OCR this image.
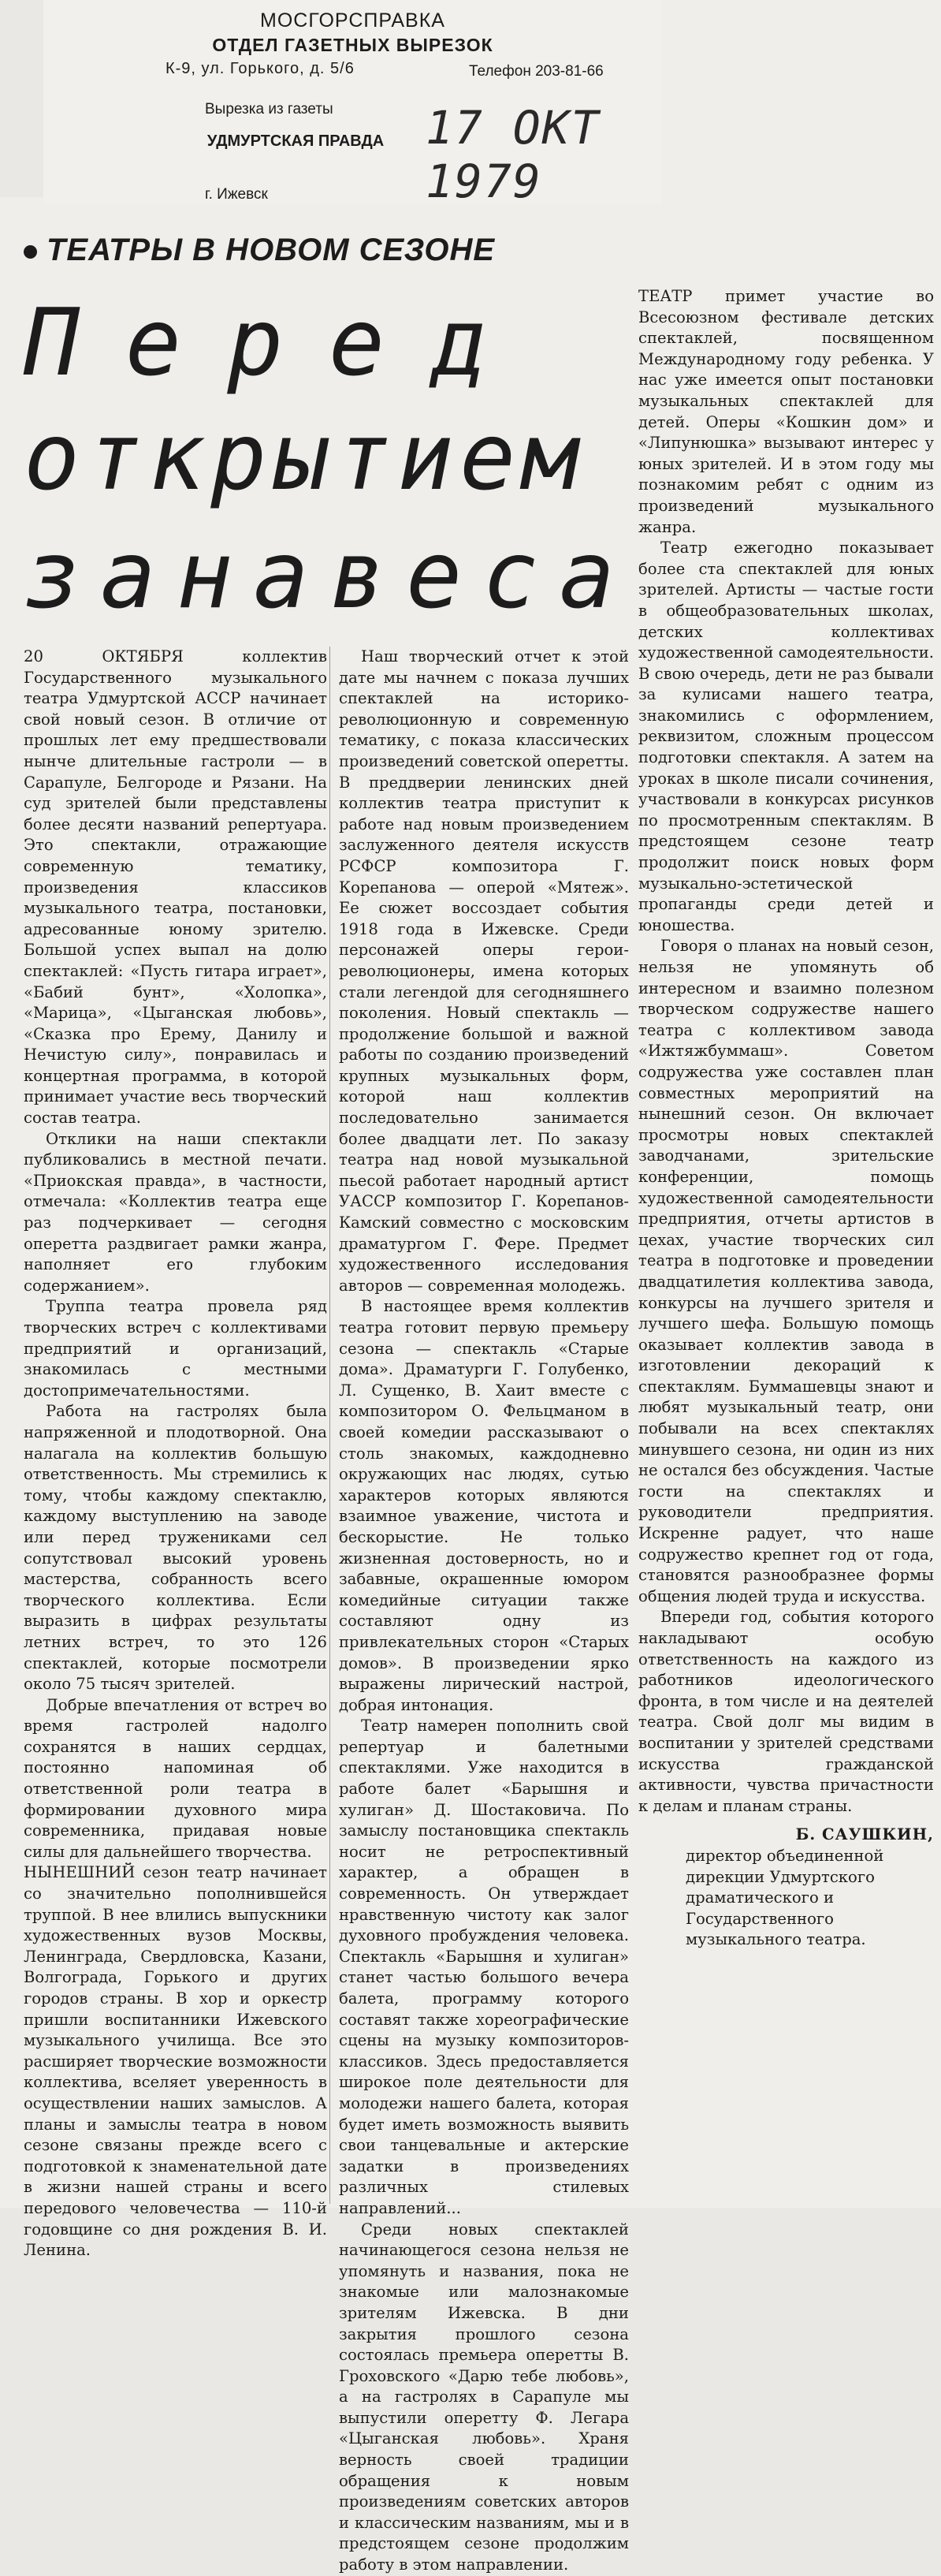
МОСГОРСПРАВКА
ОТДЕЛ ГАЗЕТНЫХ ВЫРЕЗОК
К-9, ул. Горького, д. 5/6	Телефон 203-81-66
Вырезка из газеты
УДМУРТСКАЯ ПРАВДА 17 ОКТ 1979
г. Ижевск
ТЕАТРЫ В НОВОМ СЕЗОНЕ
Перед
открытием
занавеса

20 ОКТЯБРЯ коллектив Государственного музыкального театра Удмуртской АССР начинает свой новый сезон. В отличие от прошлых лет ему предшествовали нынче длительные гастроли — в Сарапуле, Белгороде и Рязани. На суд зрителей были представлены более десяти названий репертуара. Это спектакли, отражающие современную тематику, произведения классиков музыкального театра, постановки, адресованные юному зрителю. Большой успех выпал на долю спектаклей: «Пусть гитара играет», «Бабий бунт», «Холопка», «Марица», «Цыганская любовь», «Сказка про Ерему, Данилу и Нечистую силу», понравилась и концертная программа, в которой принимает участие весь творческий состав театра.

Отклики на наши спектакли публиковались в местной печати. «Приокская правда», в частности, отмечала: «Коллектив театра еще раз подчеркивает — сегодня оперетта раздвигает рамки жанра, наполняет его глубоким содержанием».

Труппа театра провела ряд творческих встреч с коллективами предприятий и организаций, знакомилась с местными достопримечательностями.

Работа на гастролях была напряженной и плодотворной. Она налагала на коллектив большую ответственность. Мы стремились к тому, чтобы каждому спектаклю, каждому выступлению на заводе или перед тружениками сел сопутствовал высокий уровень мастерства, собранность всего творческого коллектива. Если выразить в цифрах результаты летних встреч, то это 126 спектаклей, которые посмотрели около 75 тысяч зрителей.

Добрые впечатления от встреч во время гастролей надолго сохранятся в наших сердцах, постоянно напоминая об ответственной роли театра в формировании духовного мира современника, придавая новые силы для дальнейшего творчества.

НЫНЕШНИЙ сезон театр начинает со значительно пополнившейся труппой. В нее влились выпускники художественных вузов Москвы, Ленинграда, Свердловска, Казани, Волгограда, Горького и других городов страны. В хор и оркестр пришли воспитанники Ижевского музыкального училища. Все это расширяет творческие возможности коллектива, вселяет уверенность в осуществлении наших замыслов. А планы и замыслы театра в новом сезоне связаны прежде всего с подготовкой к знаменательной дате в жизни нашей страны и всего передового человечества — 110-й годовщине со дня рождения В. И. Ленина.

Наш творческий отчет к этой дате мы начнем с показа лучших спектаклей на историко-революционную и современную тематику, с показа классических произведений советской оперетты. В преддверии ленинских дней коллектив театра приступит к работе над новым произведением заслуженного деятеля искусств РСФСР композитора Г. Корепанова — оперой «Мятеж». Ее сюжет воссоздает события 1918 года в Ижевске. Среди персонажей оперы герои-революционеры, имена которых стали легендой для сегодняшнего поколения. Новый спектакль — продолжение большой и важной работы по созданию произведений крупных музыкальных форм, которой наш коллектив последовательно занимается более двадцати лет. По заказу театра над новой музыкальной пьесой работает народный артист УАССР композитор Г. Корепанов-Камский совместно с московским драматургом Г. Фере. Предмет художественного исследования авторов — современная молодежь.

В настоящее время коллектив театра готовит первую премьеру сезона — спектакль «Старые дома». Драматурги Г. Голубенко, Л. Сущенко, В. Хаит вместе с композитором О. Фельцманом в своей комедии рассказывают о столь знакомых, каждодневно окружающих нас людях, сутью характеров которых являются взаимное уважение, чистота и бескорыстие. Не только жизненная достоверность, но и забавные, окрашенные юмором комедийные ситуации также составляют одну из привлекательных сторон «Старых домов». В произведении ярко выражены лирический настрой, добрая интонация.

Театр намерен пополнить свой репертуар и балетными спектаклями. Уже находится в работе балет «Барышня и хулиган» Д. Шостаковича. По замыслу постановщика спектакль носит не ретроспективный характер, а обращен в современность. Он утверждает нравственную чистоту как залог духовного пробуждения человека. Спектакль «Барышня и хулиган» станет частью большого вечера балета, программу которого составят также хореографические сцены на музыку композиторов-классиков. Здесь предоставляется широкое поле деятельности для молодежи нашего балета, которая будет иметь возможность выявить свои танцевальные и актерские задатки в произведениях различных стилевых направлений...

Среди новых спектаклей начинающегося сезона нельзя не упомянуть и названия, пока не знакомые или малознакомые зрителям Ижевска. В дни закрытия прошлого сезона состоялась премьера оперетты В. Гроховского «Дарю тебе любовь», а на гастролях в Сарапуле мы выпустили оперетту Ф. Легара «Цыганская любовь». Храня верность своей традиции обращения к новым произведениям советских авторов и классическим названиям, мы и в предстоящем сезоне продолжим работу в этом направлении.

ТЕАТР примет участие во Всесоюзном фестивале детских спектаклей, посвященном Международному году ребенка. У нас уже имеется опыт постановки музыкальных спектаклей для детей. Оперы «Кошкин дом» и «Липунюшка» вызывают интерес у юных зрителей. И в этом году мы познакомим ребят с одним из произведений музыкального жанра.

Театр ежегодно показывает более ста спектаклей для юных зрителей. Артисты — частые гости в общеобразовательных школах, детских коллективах художественной самодеятельности. В свою очередь, дети не раз бывали за кулисами нашего театра, знакомились с оформлением, реквизитом, сложным процессом подготовки спектакля. А затем на уроках в школе писали сочинения, участвовали в конкурсах рисунков по просмотренным спектаклям. В предстоящем сезоне театр продолжит поиск новых форм музыкально-эстетической пропаганды среди детей и юношества.

Говоря о планах на новый сезон, нельзя не упомянуть об интересном и взаимно полезном творческом содружестве нашего театра с коллективом завода «Ижтяжбуммаш». Советом содружества уже составлен план совместных мероприятий на нынешний сезон. Он включает просмотры новых спектаклей заводчанами, зрительские конференции, помощь художественной самодеятельности предприятия, отчеты артистов в цехах, участие творческих сил театра в подготовке и проведении двадцатилетия коллектива завода, конкурсы на лучшего зрителя и лучшего шефа. Большую помощь оказывает коллектив завода в изготовлении декораций к спектаклям. Буммашевцы знают и любят музыкальный театр, они побывали на всех спектаклях минувшего сезона, ни один из них не остался без обсуждения. Частые гости на спектаклях и руководители предприятия. Искренне радует, что наше содружество крепнет год от года, становятся разнообразнее формы общения людей труда и искусства.

Впереди год, события которого накладывают особую ответственность на каждого из работников идеологического фронта, в том числе и на деятелей театра. Свой долг мы видим в воспитании у зрителей средствами искусства гражданской активности, чувства причастности к делам и планам страны.

Б. САУШКИН,

директор объединенной дирекции Удмуртского драматического и Государственного музыкального театра.
